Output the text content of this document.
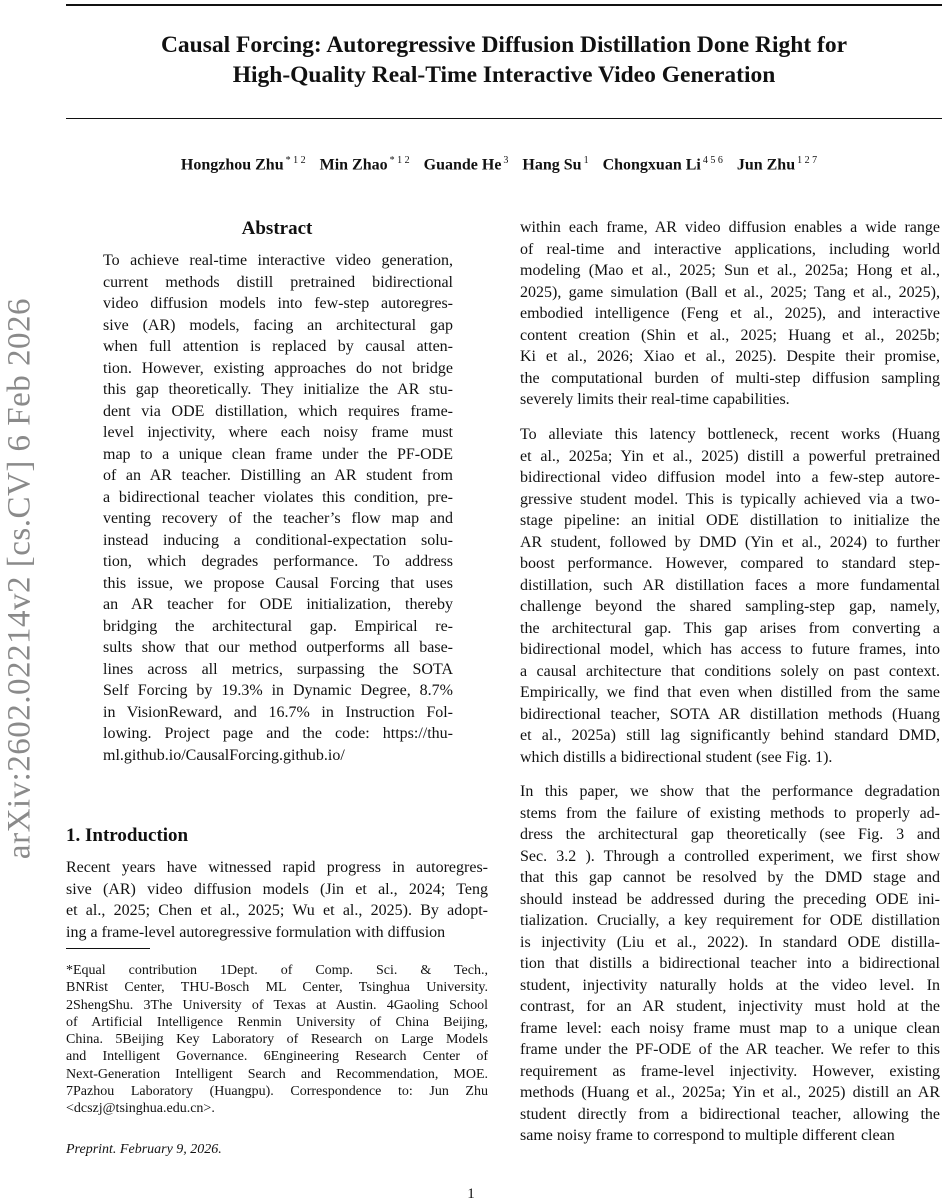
Causal Forcing: Autoregressive Diffusion Distillation Done Right for
High-Quality Real-Time Interactive Video Generation
Hongzhou Zhu $^{* 1 2}$ Min Zhao $^{* 1 2}$ Guande He $^3$ Hang Su $^1$ Chongxuan Li $^{4 5 6}$ Jun Zhu $^{1 2 7}$
arXiv:2602.02214v2 [cs.CV] 6 Feb 2026
Abstract
To achieve real-time interactive video generation,
current methods distill pretrained bidirectional
video diffusion models into few-step autoregres-
sive (AR) models, facing an architectural gap
when full attention is replaced by causal atten-
tion. However, existing approaches do not bridge
this gap theoretically. They initialize the AR stu-
dent via ODE distillation, which requires frame-
level injectivity, where each noisy frame must
map to a unique clean frame under the PF-ODE
of an AR teacher. Distilling an AR student from
a bidirectional teacher violates this condition, pre-
venting recovery of the teacher’s flow map and
instead inducing a conditional-expectation solu-
tion, which degrades performance. To address
this issue, we propose Causal Forcing that uses
an AR teacher for ODE initialization, thereby
bridging the architectural gap. Empirical re-
sults show that our method outperforms all base-
lines across all metrics, surpassing the SOTA
Self Forcing by 19.3% in Dynamic Degree, 8.7%
in VisionReward, and 16.7% in Instruction Fol-
lowing. Project page and the code: https://thu-
ml.github.io/CausalForcing.github.io/
1. Introduction
Recent years have witnessed rapid progress in autoregres-
sive (AR) video diffusion models (Jin et al., 2024; Teng
et al., 2025; Chen et al., 2025; Wu et al., 2025). By adopt-
ing a frame-level autoregressive formulation with diffusion
*Equal contribution 1Dept. of Comp. Sci. & Tech.,
BNRist Center, THU-Bosch ML Center, Tsinghua University.
2ShengShu. 3The University of Texas at Austin. 4Gaoling School
of Artificial Intelligence Renmin University of China Beijing,
China. 5Beijing Key Laboratory of Research on Large Models
and Intelligent Governance. 6Engineering Research Center of
Next-Generation Intelligent Search and Recommendation, MOE.
7Pazhou Laboratory (Huangpu). Correspondence to: Jun Zhu
<dcszj@tsinghua.edu.cn>.
Preprint. February 9, 2026.
within each frame, AR video diffusion enables a wide range
of real-time and interactive applications, including world
modeling (Mao et al., 2025; Sun et al., 2025a; Hong et al.,
2025), game simulation (Ball et al., 2025; Tang et al., 2025),
embodied intelligence (Feng et al., 2025), and interactive
content creation (Shin et al., 2025; Huang et al., 2025b;
Ki et al., 2026; Xiao et al., 2025). Despite their promise,
the computational burden of multi-step diffusion sampling
severely limits their real-time capabilities.
To alleviate this latency bottleneck, recent works (Huang
et al., 2025a; Yin et al., 2025) distill a powerful pretrained
bidirectional video diffusion model into a few-step autore-
gressive student model. This is typically achieved via a two-
stage pipeline: an initial ODE distillation to initialize the
AR student, followed by DMD (Yin et al., 2024) to further
boost performance. However, compared to standard step-
distillation, such AR distillation faces a more fundamental
challenge beyond the shared sampling-step gap, namely,
the architectural gap. This gap arises from converting a
bidirectional model, which has access to future frames, into
a causal architecture that conditions solely on past context.
Empirically, we find that even when distilled from the same
bidirectional teacher, SOTA AR distillation methods (Huang
et al., 2025a) still lag significantly behind standard DMD,
which distills a bidirectional student (see Fig. 1).
In this paper, we show that the performance degradation
stems from the failure of existing methods to properly ad-
dress the architectural gap theoretically (see Fig. 3 and
Sec. 3.2 ). Through a controlled experiment, we first show
that this gap cannot be resolved by the DMD stage and
should instead be addressed during the preceding ODE ini-
tialization. Crucially, a key requirement for ODE distillation
is injectivity (Liu et al., 2022). In standard ODE distilla-
tion that distills a bidirectional teacher into a bidirectional
student, injectivity naturally holds at the video level. In
contrast, for an AR student, injectivity must hold at the
frame level: each noisy frame must map to a unique clean
frame under the PF-ODE of the AR teacher. We refer to this
requirement as frame-level injectivity. However, existing
methods (Huang et al., 2025a; Yin et al., 2025) distill an AR
student directly from a bidirectional teacher, allowing the
same noisy frame to correspond to multiple different clean
1
